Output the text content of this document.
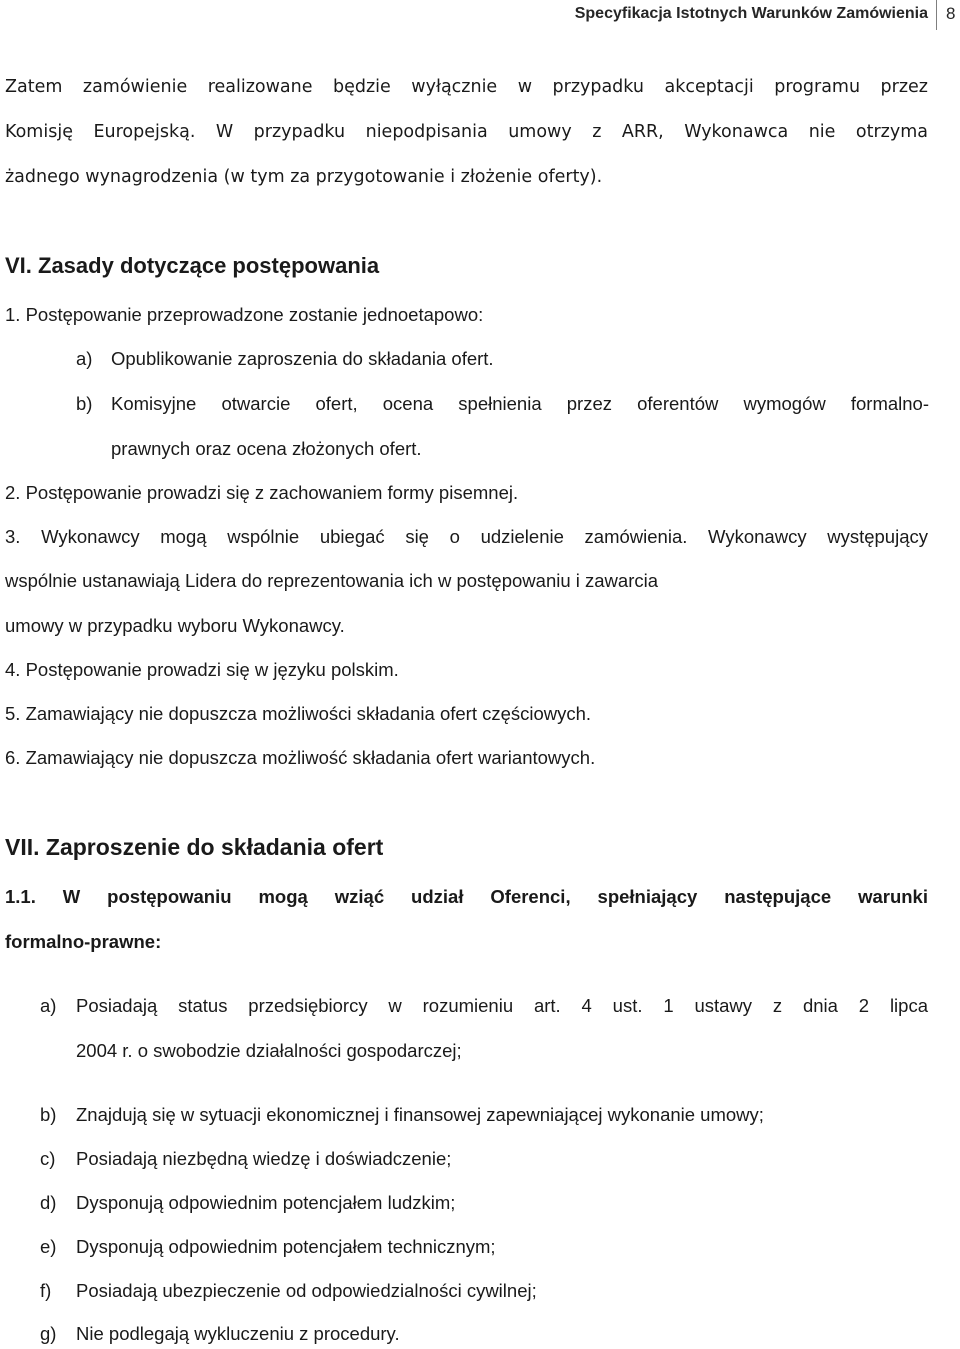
Specyfikacja Istotnych Warunków Zamówienia 8
Zatem zamówienie realizowane będzie wyłącznie w przypadku akceptacji programu przez
Komisję Europejską. W przypadku niepodpisania umowy z ARR, Wykonawca nie otrzyma
żadnego wynagrodzenia (w tym za przygotowanie i złożenie oferty).
VI. Zasady dotyczące postępowania
1. Postępowanie przeprowadzone zostanie jednoetapowo:
a) Opublikowanie zaproszenia do składania ofert.
b) Komisyjne otwarcie ofert, ocena spełnienia przez oferentów wymogów formalno-
prawnych oraz ocena złożonych ofert.
2. Postępowanie prowadzi się z zachowaniem formy pisemnej.
3. Wykonawcy mogą wspólnie ubiegać się o udzielenie zamówienia. Wykonawcy występujący
wspólnie ustanawiają Lidera do reprezentowania ich w postępowaniu i zawarcia
umowy w przypadku wyboru Wykonawcy.
4. Postępowanie prowadzi się w języku polskim.
5. Zamawiający nie dopuszcza możliwości składania ofert częściowych.
6. Zamawiający nie dopuszcza możliwość składania ofert wariantowych.
VII. Zaproszenie do składania ofert
1.1. W postępowaniu mogą wziąć udział Oferenci, spełniający następujące warunki
formalno-prawne:
a) Posiadają status przedsiębiorcy w rozumieniu art. 4 ust. 1 ustawy z dnia 2 lipca
2004 r. o swobodzie działalności gospodarczej;
b) Znajdują się w sytuacji ekonomicznej i finansowej zapewniającej wykonanie umowy;
c) Posiadają niezbędną wiedzę i doświadczenie;
d) Dysponują odpowiednim potencjałem ludzkim;
e) Dysponują odpowiednim potencjałem technicznym;
f) Posiadają ubezpieczenie od odpowiedzialności cywilnej;
g) Nie podlegają wykluczeniu z procedury.
